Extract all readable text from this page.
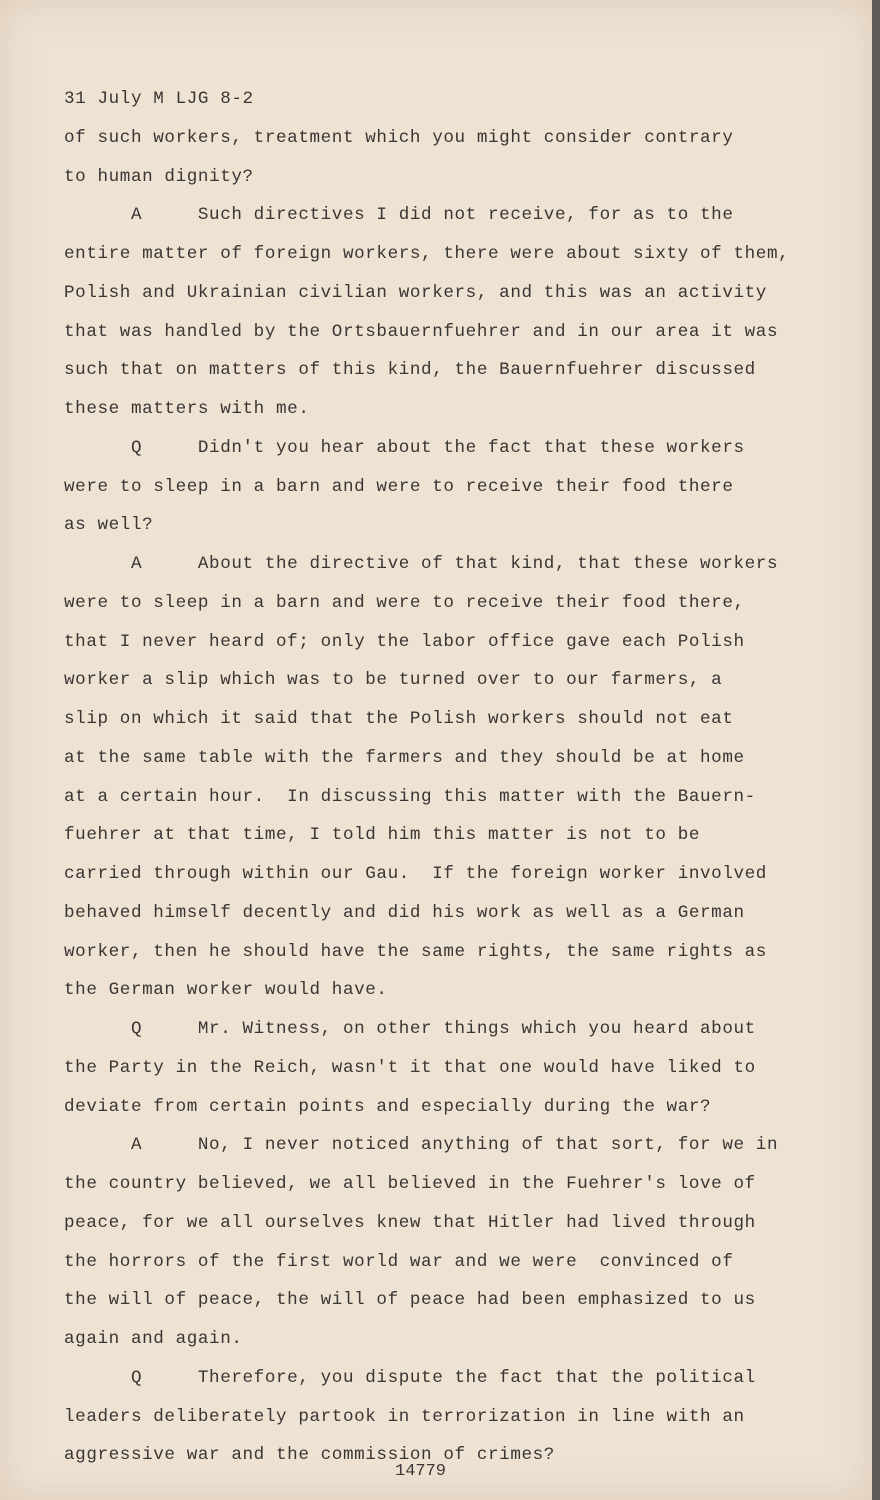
31 July M LJG 8-2
of such workers, treatment which you might consider contrary
to human dignity?
A     Such directives I did not receive, for as to the
entire matter of foreign workers, there were about sixty of them,
Polish and Ukrainian civilian workers, and this was an activity
that was handled by the Ortsbauernfuehrer and in our area it was
such that on matters of this kind, the Bauernfuehrer discussed
these matters with me.
Q     Didn't you hear about the fact that these workers
were to sleep in a barn and were to receive their food there
as well?
A     About the directive of that kind, that these workers
were to sleep in a barn and were to receive their food there,
that I never heard of; only the labor office gave each Polish
worker a slip which was to be turned over to our farmers, a
slip on which it said that the Polish workers should not eat
at the same table with the farmers and they should be at home
at a certain hour.  In discussing this matter with the Bauern-
fuehrer at that time, I told him this matter is not to be
carried through within our Gau.  If the foreign worker involved
behaved himself decently and did his work as well as a German
worker, then he should have the same rights, the same rights as
the German worker would have.
Q     Mr. Witness, on other things which you heard about
the Party in the Reich, wasn't it that one would have liked to
deviate from certain points and especially during the war?
A     No, I never noticed anything of that sort, for we in
the country believed, we all believed in the Fuehrer's love of
peace, for we all ourselves knew that Hitler had lived through
the horrors of the first world war and we were  convinced of
the will of peace, the will of peace had been emphasized to us
again and again.
Q     Therefore, you dispute the fact that the political
leaders deliberately partook in terrorization in line with an
aggressive war and the commission of crimes?
14779
